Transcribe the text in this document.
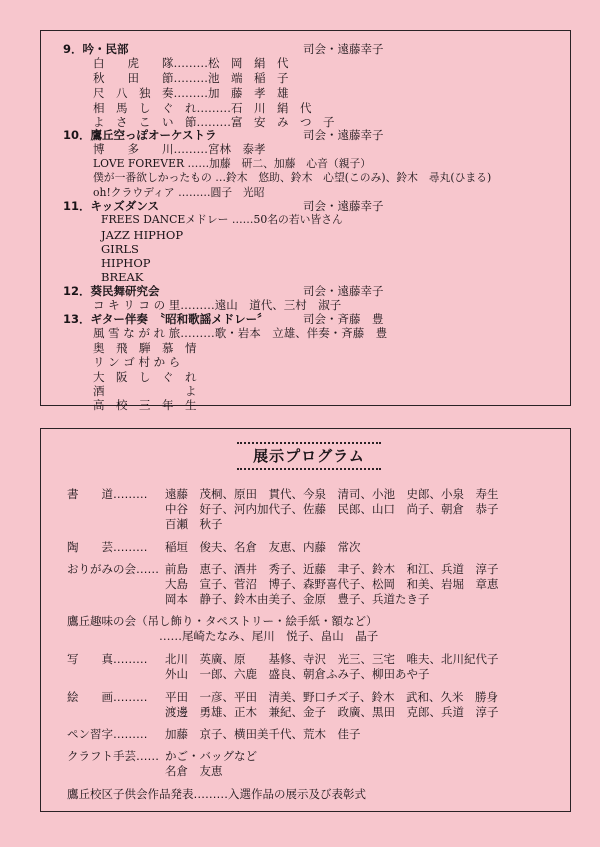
9．吟・民部	司会・遠藤幸子
白　　虎　　隊………松　岡　絹　代
秋　　田　　節………池　端　稲　子
尺　八　独　奏………加　藤　孝　雄
相　馬　し　ぐ　れ………石　川　絹　代
よ　さ　こ　い　節………富　安　み　つ　子
10．鷹丘空っぽオーケストラ	司会・遠藤幸子
博　　多　　川………宮林　泰孝
LOVE FOREVER ……加藤　研二、加藤　心音（親子）
僕が一番欲しかったもの …鈴木　悠助、鈴木　心望(このみ)、鈴木　尋丸(ひまる)
oh!クラウディア ………圓子　光昭
11．キッズダンス	司会・遠藤幸子
FREES DANCEメドレー ……50名の若い皆さん
JAZZ HIPHOP
GIRLS
HIPHOP
BREAK
12．葵民舞研究会	司会・遠藤幸子
コ キ リ コ の 里………遠山　道代、三村　淑子
13．ギター伴奏　〝昭和歌謡メドレー〞	司会・斉藤　豊
風 雪 な が れ 旅………歌・岩本　立雄、伴奏・斉藤　豊
奥　飛　騨　慕　情
リ ン ゴ 村 か ら
大　阪　し　ぐ　れ
酒　　　　　　　よ
高　校　三　年　生
展示プログラム
書　　道……… 遠藤　茂桐、原田　貫代、今泉　清司、小池　史郎、小泉　寿生
中谷　好子、河内加代子、佐藤　民郎、山口　尚子、朝倉　恭子
百瀬　秋子
陶　　芸……… 稲垣　俊夫、名倉　友恵、内藤　常次
おりがみの会…… 前島　恵子、酒井　秀子、近藤　聿子、鈴木　和江、兵道　淳子
大島　宣子、菅沼　博子、森野喜代子、松岡　和美、岩堀　章恵
岡本　静子、鈴木由美子、金原　豊子、兵道たき子
鷹丘趣味の会（吊し飾り・タペストリー・絵手紙・額など）
……尾崎たなみ、尾川　悦子、畠山　晶子
写　　真……… 北川　英廣、原　　基修、寺沢　光三、三宅　唯夫、北川紀代子
外山　一郎、六鹿　盛良、朝倉ふみ子、柳田あや子
絵　　画……… 平田　一彦、平田　清美、野口チズ子、鈴木　武和、久米　勝身
渡邊　勇雄、正木　兼紀、金子　政廣、黒田　克郎、兵道　淳子
ペン習字……… 加藤　京子、横田美千代、荒木　佳子
クラフト手芸…… かご・バッグなど
名倉　友恵
鷹丘校区子供会作品発表………入選作品の展示及び表彰式
